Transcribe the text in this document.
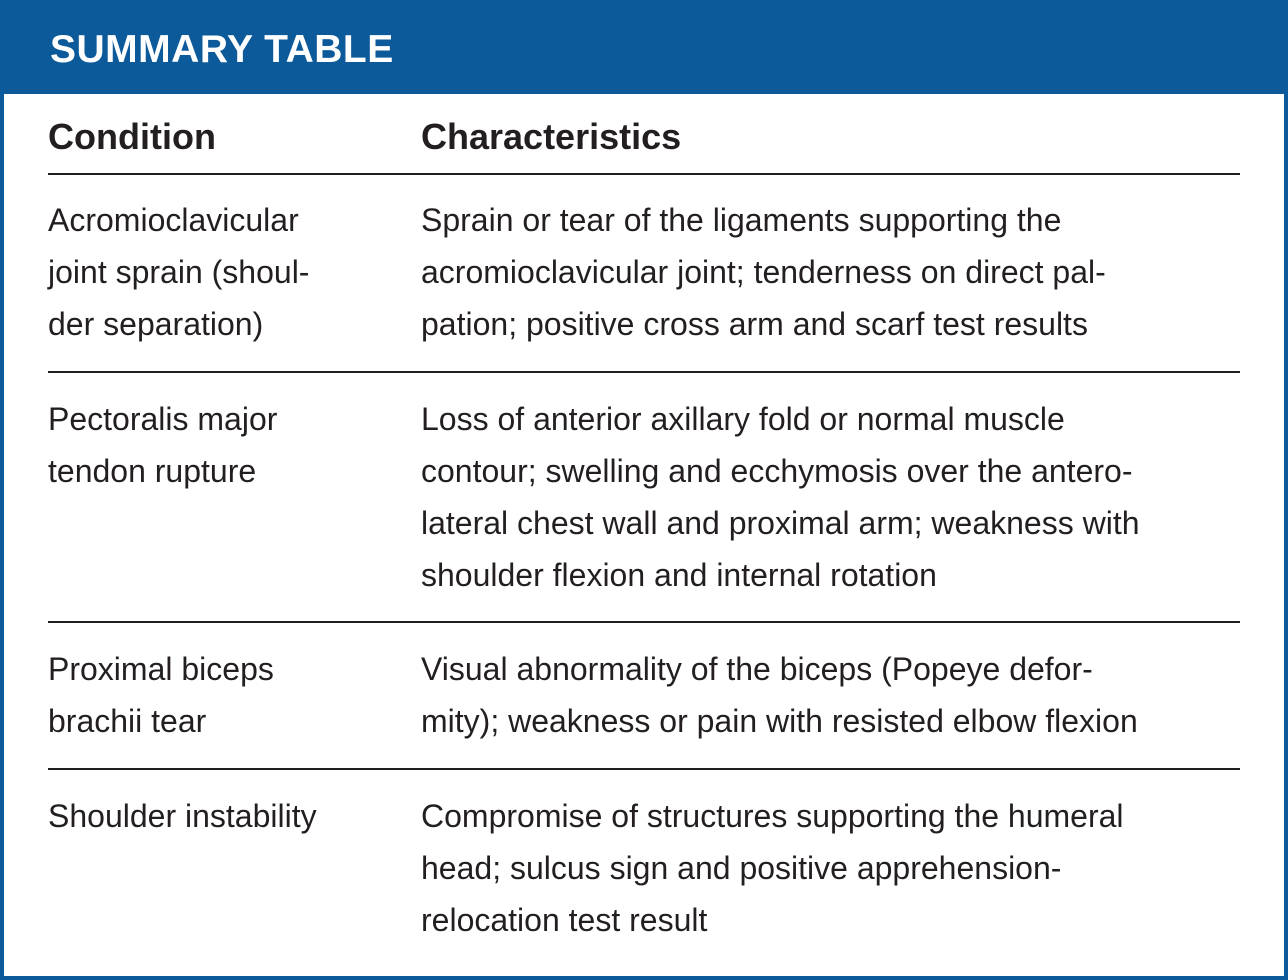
SUMMARY TABLE
Condition	Characteristics
Acromioclavicular
joint sprain (shoul-
der separation)
Sprain or tear of the ligaments supporting the
acromioclavicular joint; tenderness on direct pal-
pation; positive cross arm and scarf test results
Pectoralis major
tendon rupture
Loss of anterior axillary fold or normal muscle
contour; swelling and ecchymosis over the antero-
lateral chest wall and proximal arm; weakness with
shoulder flexion and internal rotation
Proximal biceps
brachii tear
Visual abnormality of the biceps (Popeye defor-
mity); weakness or pain with resisted elbow flexion
Shoulder instability	Compromise of structures supporting the humeral
head; sulcus sign and positive apprehension-
relocation test result
